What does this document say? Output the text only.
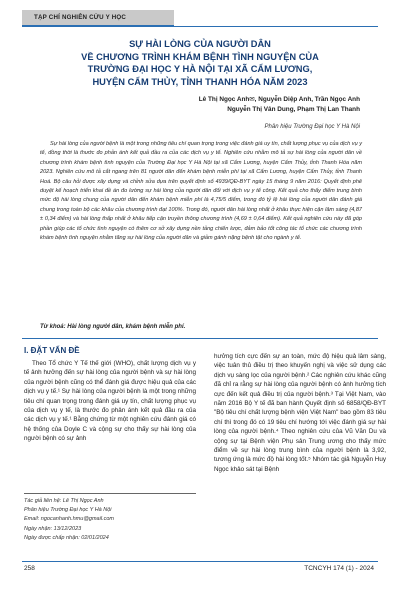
TẠP CHÍ NGHIÊN CỨU Y HỌC
SỰ HÀI LÒNG CỦA NGƯỜI DÂN
VỀ CHƯƠNG TRÌNH KHÁM BỆNH TÌNH NGUYỆN CỦA
TRƯỜNG ĐẠI HỌC Y HÀ NỘI TẠI XÃ CẨM LƯƠNG,
HUYỆN CẨM THỦY, TỈNH THANH HÓA NĂM 2023
Lê Thị Ngọc Anh✉, Nguyễn Diệp Anh, Trần Ngọc Anh
Nguyễn Thị Vân Dung, Phạm Thị Lan Thanh
Phân hiệu Trường Đại học Y Hà Nội

Sự hài lòng của người bệnh là một trong những tiêu chí quan trọng trong việc đánh giá uy tín, chất lượng phục vụ của dịch vụ y tế, đồng thời là thước đo phản ánh kết quả đầu ra của các dịch vụ y tế. Nghiên cứu nhằm mô tả sự hài lòng của người dân về chương trình khám bệnh tình nguyện của Trường Đại học Y Hà Nội tại xã Cẩm Lương, huyện Cẩm Thủy, tỉnh Thanh Hóa năm 2023. Nghiên cứu mô tả cắt ngang trên 81 người dân đến khám bệnh miễn phí tại xã Cẩm Lương, huyện Cẩm Thủy, tỉnh Thanh Hoá. Bộ câu hỏi được xây dựng và chỉnh sửa dựa trên quyết định số 4939/QĐ-BYT ngày 15 tháng 9 năm 2016: Quyết định phê duyệt kế hoạch triển khai đề án đo lường sự hài lòng của người dân đối với dịch vụ y tế công. Kết quả cho thấy điểm trung bình mức độ hài lòng chung của người dân đến khám bệnh miễn phí là 4,75/5 điểm, trong đó tỷ lệ hài lòng của người dân đánh giá chung trong toàn bộ các khâu của chương trình đạt 100%. Trong đó, người dân hài lòng nhất ở khâu thực hiện cận lâm sàng (4,87 ± 0,34 điểm) và hài lòng thấp nhất ở khâu tiếp cận truyền thông chương trình (4,69 ± 0,64 điểm). Kết quả nghiên cứu này đã góp phần giúp các tổ chức tình nguyện có thêm cơ sở xây dựng nền tảng chiến lược, đảm bảo tốt công tác tổ chức các chương trình khám bệnh tình nguyện nhằm tăng sự hài lòng của người dân và giảm gánh nặng bệnh tật cho ngành y tế.

Từ khoá: Hài lòng người dân, khám bệnh miễn phí.
I. ĐẶT VẤN ĐỀ

Theo Tổ chức Y Tế thế giới (WHO), chất lượng dịch vụ y tế ảnh hưởng đến sự hài lòng của người bệnh và sự hài lòng của người bệnh cũng có thể đánh giá được hiệu quả của các dịch vụ y tế.¹ Sự hài lòng của người bệnh là một trong những tiêu chí quan trọng trong đánh giá uy tín, chất lượng phục vụ của dịch vụ y tế, là thước đo phản ánh kết quả đầu ra của các dịch vụ y tế.¹ Bằng chứng từ một nghiên cứu đánh giá có hệ thống của Doyle C và cộng sự cho thấy sự hài lòng của người bệnh có sự ảnh

hưởng tích cực đến sự an toàn, mức độ hiệu quả lâm sàng, việc tuân thủ điều trị theo khuyến nghị và việc sử dụng các dịch vụ sàng lọc của người bệnh.² Các nghiên cứu khác cũng đã chỉ ra rằng sự hài lòng của người bệnh có ảnh hưởng tích cực đến kết quả điều trị của người bệnh.³ Tại Việt Nam, vào năm 2016 Bộ Y tế đã ban hành Quyết định số 6858/QĐ-BYT "Bộ tiêu chí chất lượng bệnh viện Việt Nam" bao gồm 83 tiêu chí thì trong đó có 19 tiêu chí hướng tới việc đánh giá sự hài lòng của người bệnh.⁴ Theo nghiên cứu của Vũ Văn Du và cộng sự tại Bệnh viện Phụ sản Trung ương cho thấy mức điểm về sự hài lòng trung bình của người bệnh là 3,92, tương ứng là mức độ hài lòng tốt.⁵ Nhóm tác giả Nguyễn Huy Ngọc khảo sát tại Bệnh

Tác giả liên hệ: Lê Thị Ngọc Anh
Phân hiệu Trường Đại học Y Hà Nội
Email: ngocanhanh.hmu@gmail.com
Ngày nhận: 13/12/2023
Ngày được chấp nhận: 02/01/2024
258	TCNCYH 174 (1) - 2024
